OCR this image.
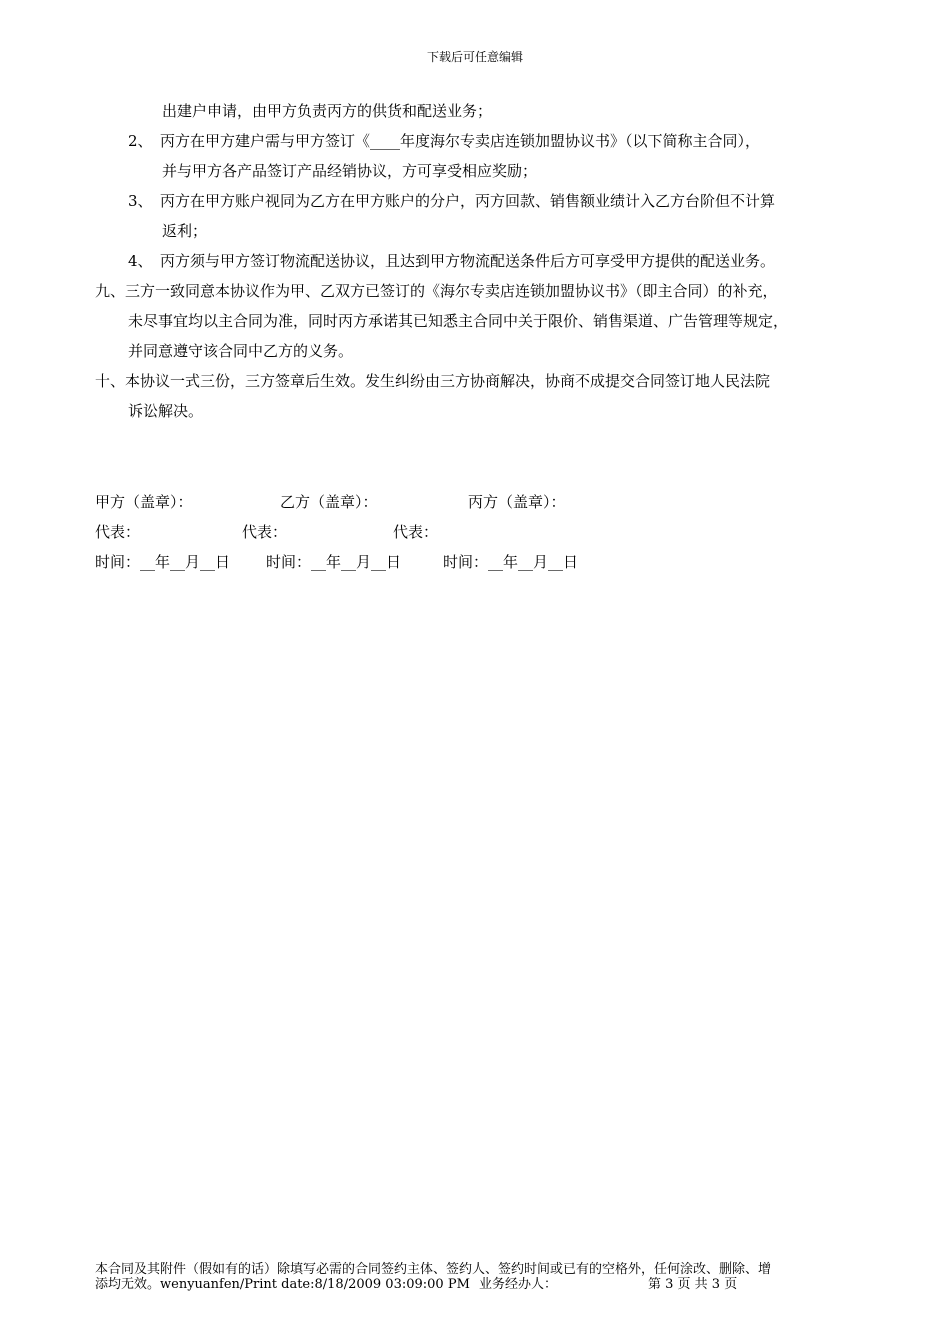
下载后可任意编辑
出建户申请，由甲方负责丙方的供货和配送业务；
2、　丙方在甲方建户需与甲方签订《____年度海尔专卖店连锁加盟协议书》（以下简称主合同），
并与甲方各产品签订产品经销协议，方可享受相应奖励；
3、　丙方在甲方账户视同为乙方在甲方账户的分户，丙方回款、销售额业绩计入乙方台阶但不计算
返利；
4、　丙方须与甲方签订物流配送协议，且达到甲方物流配送条件后方可享受甲方提供的配送业务。
九、三方一致同意本协议作为甲、乙双方已签订的《海尔专卖店连锁加盟协议书》（即主合同）的补充，
未尽事宜均以主合同为准，同时丙方承诺其已知悉主合同中关于限价、销售渠道、广告管理等规定，
并同意遵守该合同中乙方的义务。
十、本协议一式三份，三方签章后生效。发生纠纷由三方协商解决，协商不成提交合同签订地人民法院
诉讼解决。
甲方（盖章）：	乙方（盖章）：	丙方（盖章）：
代表：	代表：	代表：
时间：__年__月__日 时间：__年__月__日	时间：__年__月__日
本合同及其附件（假如有的话）除填写必需的合同签约主体、签约人、签约时间或已有的空格外，任何涂改、删除、增
添均无效。wenyuanfen/Print date:8/18/2009 03:09:00 PM 业务经办人：	第 3 页 共 3 页
